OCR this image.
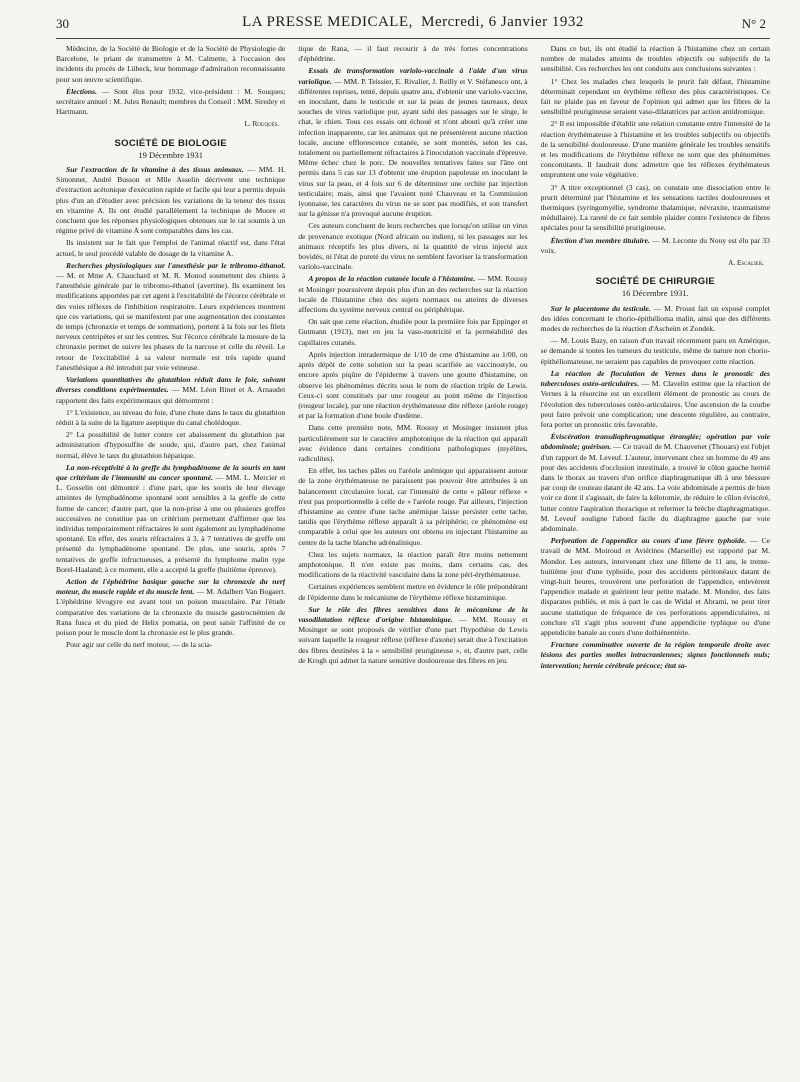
30	LA PRESSE MEDICALE, Mercredi, 6 Janvier 1932	N° 2

Médecine, de la Société de Biologie et de la Société de Physiologie de Barcelone, le priant de transmettre à M. Calmette, à l'occasion des incidents du procès de Lübeck, leur hommage d'admiration reconnaissante pour son œuvre scientifique.

Élections. — Sont élus pour 1932, vice-président : M. Souques; secrétaire annuel : M. Jules Renault; membres du Conseil : MM. Siredey et Hartmann.

L. Rouquès.
SOCIÉTÉ DE BIOLOGIE
19 Décembre 1931

Sur l'extraction de la vitamine à des tissus animaux. — MM. H. Simonnet, André Busson et Mlle Asselin décrivent une technique d'extraction acétonique d'exécution rapide et facile qui leur a permis depuis plus d'un an d'étudier avec précision les variations de la teneur des tissus en vitamine A. Ils ont étudié parallèlement la technique de Moore et concluent que les réponses physiologiques obtenues sur le rat soumis à un régime privé de vitamine A sont comparables dans les cas.

Ils insistent sur le fait que l'emploi de l'animal réactif est, dans l'état actuel, le seul procédé valable de dosage de la vitamine A.

Recherches physiologiques sur l'anesthésie par le tribromo-éthanol. — M. et Mme A. Chauchard et M. R. Monod soumettent des chiens à l'anesthésie générale par le tribromo-éthanol (avertine). Ils examinent les modifications apportées par cet agent à l'excitabilité de l'écorce cérébrale et des voies réflexes de l'inhibition respiratoire. Leurs expériences montrent que ces variations, qui se manifestent par une augmentation des constantes de temps (chronaxie et temps de sommation), portent à la fois sur les filets nerveux centripètes et sur les centres. Sur l'écorce cérébrale la mesure de la chronaxie permet de suivre les phases de la narcose et celle du réveil. Le retour de l'excitabilité à sa valeur normale est très rapide quand l'anesthésique a été introduit par voie veineuse.

Variations quantitatives du glutathion réduit dans le foie, suivant diverses conditions expérimentales. — MM. Léon Binet et A. Arnaudet rapportent des faits expérimentaux qui démontrent :

1° L'existence, au niveau du foie, d'une chute dans le taux du glutathion réduit à la suite de la ligature aseptique du canal cholédoque.

2° La possibilité de lutter contre cet abaissement du glutathion par administration d'hyposulfite de soude, qui, d'autre part, chez l'animal normal, élève le taux du glutathion hépatique.

La non-réceptivité à la greffe du lymphadénome de la souris en tant que critérium de l'immunité au cancer spontané. — MM. L. Mercier et L. Gosselin ont démontré : d'une part, que les souris de leur élevage atteintes de lymphadénome spontané sont sensibles à la greffe de cette forme de cancer; d'autre part, que la non-prise à une ou plusieurs greffes successives ne constitue pas un critérium permettant d'affirmer que les individus temporairement réfractaires le sont également au lymphadénome spontané. En effet, des souris réfractaires à 3, à 7 tentatives de greffe ont présenté du lymphadénome spontané. De plus, une souris, après 7 tentatives de greffe infructueuses, a présenté du lymphome malin type Borel-Haaland; à ce moment, elle a accepté la greffe (huitième épreuve).

Action de l'éphédrine basique gauche sur la chronaxie du nerf moteur, du muscle rapide et du muscle lent. — M. Adalbert Van Bogaert. L'éphédrine lévogyre est avant tout un poison musculaire. Par l'étude comparative des variations de la chronaxie du muscle gastrocnémien de Rana fusca et du pied de Helix pomatia, on peut saisir l'affinité de ce poison pour le muscle dont la chronaxie est le plus grande.

Pour agir sur celle du nerf moteur, — de la scia-

tique de Rana, — il faut recourir à de très fortes concentrations d'éphédrine.

Essais de transformation variolo-vaccinale à l'aide d'un virus variolique. — MM. P. Teissier, E. Rivalier, J. Reilly et V. Stéfanesco ont, à différentes reprises, tenté, depuis quatre ans, d'obtenir une variolo-vaccine, en inoculant, dans le testicule et sur la peau de jeunes taureaux, deux souches de virus variolique pur, ayant subi des passages sur le singe, le chat, le chien. Tous ces essais ont échoué et n'ont abouti qu'à créer une infection inapparente, car les animaux qui ne présentèrent aucune réaction locale, aucune efflorescence cutanée, se sont montrés, selon les cas, totalement ou partiellement réfractaires à l'inoculation vaccinale d'épreuve. Même échec chez le porc. De nouvelles tentatives faites sur l'âne ont permis dans 5 cas sur 13 d'obtenir une éruption papuleuse en inoculant le virus sur la peau, et 4 fois sur 6 de déterminer une orchite par injection testiculaire; mais, ainsi que l'avaient noté Chauveau et la Commission lyonnaise, les caractères du virus ne se sont pas modifiés, et son transfert sur la génisse n'a provoqué aucune éruption.

Ces auteurs concluent de leurs recherches que lorsqu'on utilise un virus de provenance exotique (Nord africain ou indien), ni les passages sur les animaux réceptifs les plus divers, ni la quantité de virus injecté aux bovidés, ni l'état de pureté du virus ne semblent favoriser la transformation variolo-vaccinale.

A propos de la réaction cutanée locale à l'histamine. — MM. Roussy et Mosinger poursuivent depuis plus d'un an des recherches sur la réaction locale de l'histamine chez des sujets normaux ou atteints de diverses affections du système nerveux central ou périphérique.

On sait que cette réaction, étudiée pour la première fois par Eppinger et Gutmann (1913), met en jeu la vaso-motricité et la perméabilité des capillaires cutanés.

Après injection intradermique de 1/10 de cme d'histamine au 1/00, on après dépôt de cette solution sur la peau scarifiée au vaccinostyle, ou encore après piqûre de l'épiderme à travers une goutte d'histamine, on observe les phénomènes décrits sous le nom de réaction triple de Lewis. Ceux-ci sont constitués par une rougeur au point même de l'injection (rougeur locale), par une réaction érythémateuse dite réflexe (aréole rouge) et par la formation d'une boule d'œdème.

Dans cette première note, MM. Roussy et Mosinger insistent plus particulièrement sur le caractère amphotonique de la réaction qui apparaît avec évidence dans certaines conditions pathologiques (myélites, radiculites).

En effet, les taches pâles ou l'aréole anémique qui apparaissent autour de la zone érythémateuse ne paraissent pas pouvoir être attribuées à un balancement circulatoire local, car l'intensité de cette « pâleur réflexe » n'est pas proportionnelle à celle de « l'aréole rouge. Par ailleurs, l'injection d'histamine au centre d'une tache anémique laisse persister cette tache, tandis que l'érythème réflexe apparaît à sa périphérie; ce phénomène est comparable à celui que les auteurs ont obtenu en injectant l'histamine au centre de la tache blanche adrénalinique.

Chez les sujets normaux, la réaction paraît être moins nettement amphotonique. Il n'en existe pas moins, dans certains cas, des modifications de la réactivité vasculaire dans la zone péri-érythémateuse.

Certaines expériences semblent mettre en évidence le rôle prépondérant de l'épiderme dans le mécanisme de l'érythème réflexe histaminique.

Sur le rôle des fibres sensitives dans le mécanisme de la vasodilatation réflexe d'origine histaminique. — MM. Roussy et Mosinger se sont proposés de vérifier d'une part l'hypothèse de Lewis suivant laquelle la rougeur réflexe (réflexe d'axone) serait due à l'excitation des fibres destinées à la « sensibilité prurigineuse », et, d'autre part, celle de Krogh qui admet la nature sensitive douloureuse des fibres en jeu.

Dans ce but, ils ont étudié la réaction à l'histamine chez un certain nombre de malades atteints de troubles objectifs ou subjectifs de la sensibilité. Ces recherches les ont conduits aux conclusions suivantes :

1° Chez les malades chez lesquels le prurit fait défaut, l'histamine déterminait cependant un érythème réflexe des plus caractéristiques. Ce fait ne plaide pas en faveur de l'opinion qui admet que les fibres de la sensibilité prurigineuse seraient vaso-dilatatrices par action antidromique.

2° Il est impossible d'établir une relation constante entre l'intensité de la réaction érythémateuse à l'histamine et les troubles subjectifs ou objectifs de la sensibilité douloureuse. D'une manière générale les troubles sensitifs et les modifications de l'érythème réflexe ne sont que des phénomènes concomitants. Il faudrait donc admettre que les réflexes érythémateux empruntent une voie végétative.

3° A titre exceptionnel (3 cas), on constate une dissociation entre le prurit déterminé par l'histamine et les sensations tactiles douloureuses et thermiques (syringomyélie, syndrome thalamique, névraxite, traumatisme médullaire). La rareté de ce fait semble plaider contre l'existence de fibres spéciales pour la sensibilité prurigineuse.

Élection d'un membre titulaire. — M. Leconte du Nouy est élu par 33 voix.

A. Escalier.
SOCIÉTÉ DE CHIRURGIE
16 Décembre 1931.

Sur le placentome du testicule. — M. Proust fait un exposé complet des idées concernant le chorio-épithélioma malin, ainsi que des différents modes de recherches de la réaction d'Ascheim et Zondek.

— M. Louis Bazy, en raison d'un travail récemment paru en Amérique, se demande si toutes les tumeurs du testicule, même de nature non chorio-épithéliomateuse, ne seraient pas capables de provoquer cette réaction.

La réaction de floculation de Vernes dans le pronostic des tuberculoses ostéo-articulaires. — M. Clavelin estime que la réaction de Vernes à la résorcine est un excellent élément de pronostic au cours de l'évolution des tuberculoses ostéo-articulaires. Une ascension de la courbe peut faire prévoir une complication; une descente régulière, au contraire, fera porter un pronostic très favorable.

Éviscération transdiaphragmatique étranglée; opération par voie abdominale; guérison. — Ce travail de M. Chauvenet (Thouars) est l'objet d'un rapport de M. Leveuf. L'auteur, intervenant chez un homme de 49 ans pour des accidents d'occlusion intestinale, a trouvé le côlon gauche hernié dans le thorax au travers d'un orifice diaphragmatique dû à une blessure par coup de couteau datant de 42 ans. La voie abdominale a permis de bien voir ce dont il s'agissait, de faire la kélotomie, de réduire le côlon éviscéré, lutter contre l'aspiration thoracique et refermer la brèche diaphragmatique. M. Leveuf souligne l'abord facile du diaphragme gauche par voie abdominale.

Perforation de l'appendice au cours d'une fièvre typhoïde. — Ce travail de MM. Moiroud et Aviérinos (Marseille) est rapporté par M. Mondor. Les auteurs, intervenant chez une fillette de 11 ans, le trente-huitième jour d'une typhoïde, pour des accidents péritonéaux datant de vingt-huit heures, trouvèrent une perforation de l'appendice, enlevèrent l'appendice malade et guérirent leur petite malade. M. Mondor, des faits disparates publiés, et mis à part le cas de Widal et Abrami, ne peut tirer aucune statistique de fréquence de ces perforations appendiculaires, ni conclure s'il s'agit plus souvent d'une appendicite typhique ou d'une appendicite banale au cours d'une dothiénentérie.

Fracture comminutive ouverte de la région temporale droite avec lésions des parties molles intracraniennes; signes fonctionnels nuls; intervention; hernie cérébrale précoce; état sa-
